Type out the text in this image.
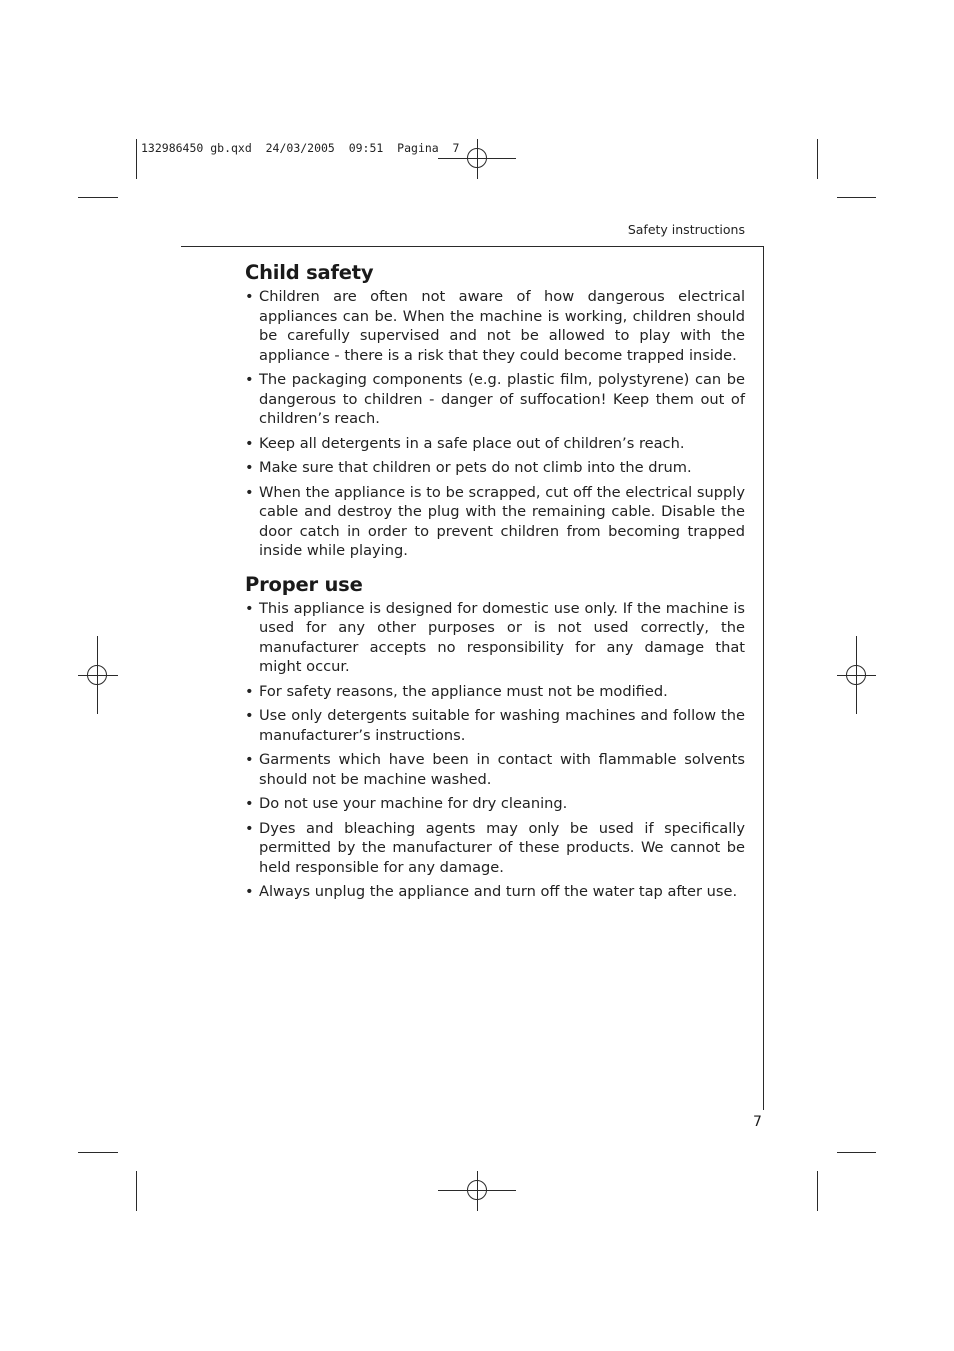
132986450 gb.qxd  24/03/2005  09:51  Pagina  7
Safety instructions
Child safety
• Children are often not aware of how dangerous electrical appliances can be. When the machine is working, children should be carefully supervised and not be allowed to play with the appliance - there is a risk that they could become trapped inside.
• The packaging components (e.g. plastic film, polystyrene) can be dangerous to children - danger of suffocation! Keep them out of children’s reach.
• Keep all detergents in a safe place out of children’s reach.
• Make sure that children or pets do not climb into the drum.
• When the appliance is to be scrapped, cut off the electrical supply cable and destroy the plug with the remaining cable. Disable the door catch in order to prevent children from becoming trapped inside while playing.
Proper use
• This appliance is designed for domestic use only. If the machine is used for any other purposes or is not used correctly, the manufacturer accepts no responsibility for any damage that might occur.
• For safety reasons, the appliance must not be modified.
• Use only detergents suitable for washing machines and follow the manufacturer’s instructions.
• Garments which have been in contact with flammable solvents should not be machine washed.
• Do not use your machine for dry cleaning.
• Dyes and bleaching agents may only be used if specifically permitted by the manufacturer of these products. We cannot be held responsible for any damage.
• Always unplug the appliance and turn off the water tap after use.
7
